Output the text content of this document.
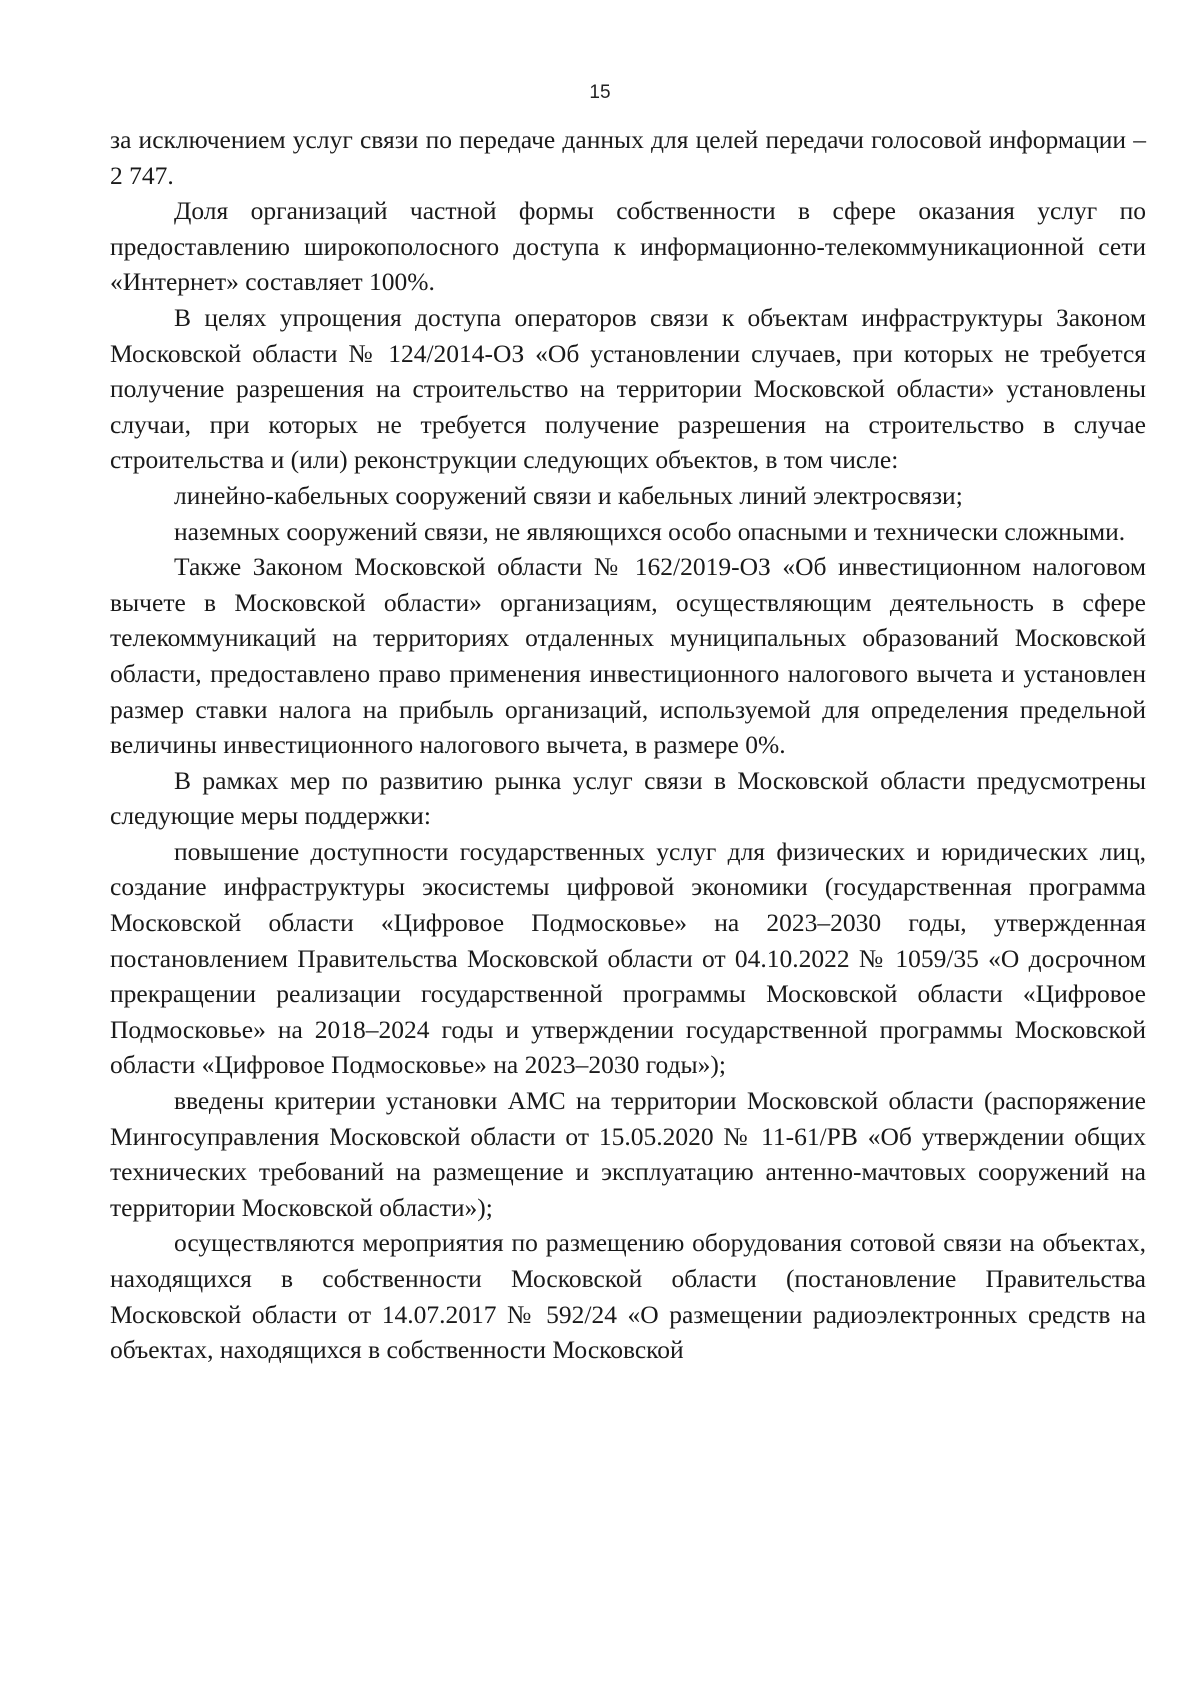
15

за исключением услуг связи по передаче данных для целей передачи голосовой информации – 2 747.

Доля организаций частной формы собственности в сфере оказания услуг по предоставлению широкополосного доступа к информационно-телекоммуникационной сети «Интернет» составляет 100%.

В целях упрощения доступа операторов связи к объектам инфраструктуры Законом Московской области № 124/2014-ОЗ «Об установлении случаев, при которых не требуется получение разрешения на строительство на территории Московской области» установлены случаи, при которых не требуется получение разрешения на строительство в случае строительства и (или) реконструкции следующих объектов, в том числе:

линейно-кабельных сооружений связи и кабельных линий электросвязи;

наземных сооружений связи, не являющихся особо опасными и технически сложными.

Также Законом Московской области № 162/2019-ОЗ «Об инвестиционном налоговом вычете в Московской области» организациям, осуществляющим деятельность в сфере телекоммуникаций на территориях отдаленных муниципальных образований Московской области, предоставлено право применения инвестиционного налогового вычета и установлен размер ставки налога на прибыль организаций, используемой для определения предельной величины инвестиционного налогового вычета, в размере 0%.

В рамках мер по развитию рынка услуг связи в Московской области предусмотрены следующие меры поддержки:

повышение доступности государственных услуг для физических и юридических лиц, создание инфраструктуры экосистемы цифровой экономики (государственная программа Московской области «Цифровое Подмосковье» на 2023–2030 годы, утвержденная постановлением Правительства Московской области от 04.10.2022 № 1059/35 «О досрочном прекращении реализации государственной программы Московской области «Цифровое Подмосковье» на 2018–2024 годы и утверждении государственной программы Московской области «Цифровое Подмосковье» на 2023–2030 годы»);

введены критерии установки АМС на территории Московской области (распоряжение Мингосуправления Московской области от 15.05.2020 № 11-61/РВ «Об утверждении общих технических требований на размещение и эксплуатацию антенно-мачтовых сооружений на территории Московской области»);

осуществляются мероприятия по размещению оборудования сотовой связи на объектах, находящихся в собственности Московской области (постановление Правительства Московской области от 14.07.2017 № 592/24 «О размещении радиоэлектронных средств на объектах, находящихся в собственности Московской
